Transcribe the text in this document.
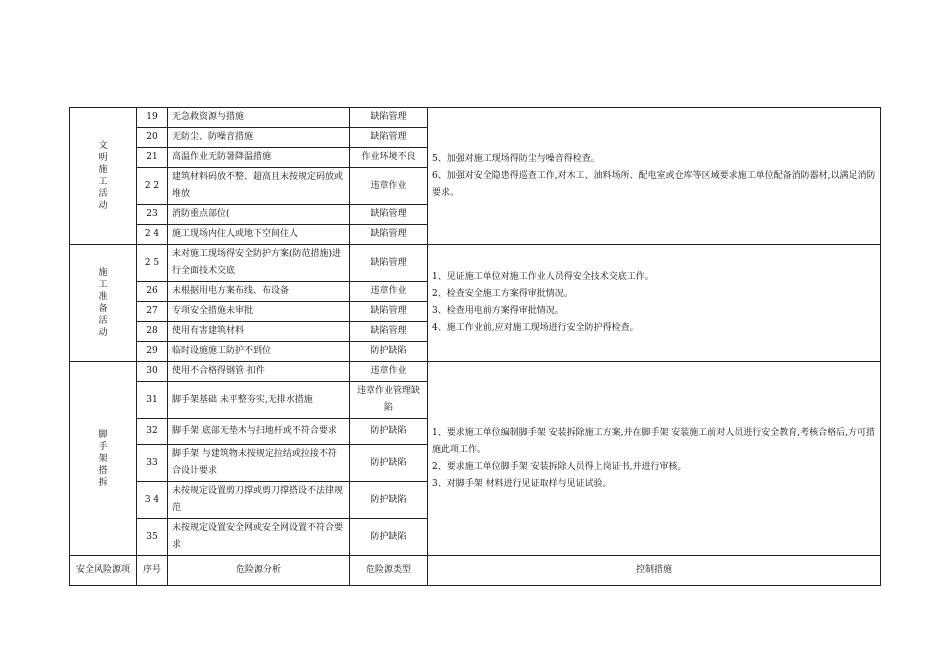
文明施工活动	19	无急救资源与措施	缺陷管理	5、加强对施工现场得防尘与噪音得检查。
6、加强对安全隐患得巡查工作,对木工、油料场所、配电室或仓库等区域要求施工单位配备消防器材,以满足消防要求。

	20	无防尘、防噪音措施	缺陷管理	
	21	高温作业无防暑降温措施	作业环境不良	
	2 2	建筑材料码放不整、超高且未按规定码放或堆放	违章作业	
	23	消防重点部位(	缺陷管理	
	2 4	施工现场内住人或地下空间住人	缺陷管理	

施工准备活动	2 5	未对施工现场得安全防护方案(防范措施)进行全面技术交底	缺陷管理	1、见证施工单位对施工作业人员得安全技术交底工作。
2、检查安全施工方案得审批情况。
3、检查用电前方案得审批情况。
4、施工作业前,应对施工现场进行安全防护得检查。

	26	未根据用电方案布线、布设备	违章作业	
	27	专项安全措施未审批	缺陷管理	
	28	使用有害建筑材料	缺陷管理	
	29	临时设施施工防护不到位	防护缺陷	

脚手架搭拆	30	使用不合格得钢管 扣件	违章作业	1、要求施工单位编制脚手架 安装拆除施工方案,并在脚手架 安装施工前对人员进行安全教育,考核合格后,方可措施此项工作。
2、要求施工单位脚手架 安装拆除人员得上岗证书,并进行审核。
3、对脚手架 材料进行见证取样与见证试验。

	31	脚手架基础 未平整夯实,无排水措施	违章作业管理缺陷	
	32	脚手架 底部无垫木与扫地杆或不符合要求	防护缺陷	
	33	脚手架 与建筑物未按规定拉结或拉接不符合设计要求	防护缺陷	
	3 4	未按规定设置剪刀撑或剪刀撑搭设不法律规范	防护缺陷	
	35	未按规定设置安全网或安全网设置不符合要求	防护缺陷	
安全风险源项	序号	危险源分析	危险源类型	控制措施
